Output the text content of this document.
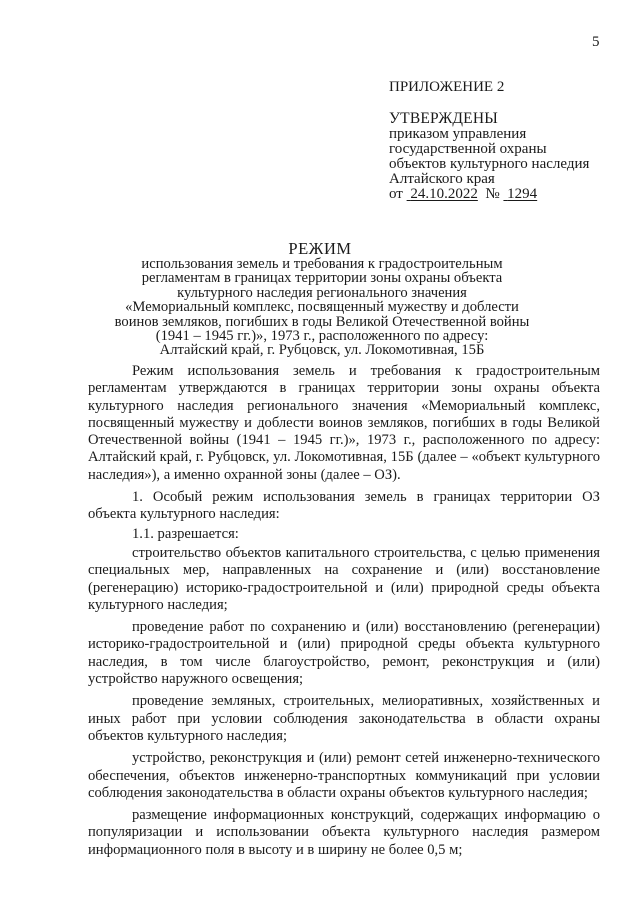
5
ПРИЛОЖЕНИЕ 2
УТВЕРЖДЕНЫ
приказом управления
государственной охраны
объектов культурного наследия
Алтайского края
от 24.10.2022 № 1294
РЕЖИМ
использования земель и требования к градостроительным
регламентам в границах территории зоны охраны объекта
культурного наследия регионального значения
«Мемориальный комплекс, посвященный мужеству и доблести
воинов земляков, погибших в годы Великой Отечественной войны
(1941 – 1945 гг.)», 1973 г., расположенного по адресу:
Алтайский край, г. Рубцовск, ул. Локомотивная, 15Б

Режим использования земель и требования к градостроительным регламентам утверждаются в границах территории зоны охраны объекта культурного наследия регионального значения «Мемориальный комплекс, посвященный мужеству и доблести воинов земляков, погибших в годы Великой Отечественной войны (1941 – 1945 гг.)», 1973 г., расположенного по адресу: Алтайский край, г. Рубцовск, ул. Локомотивная, 15Б (далее – «объект культурного наследия»), а именно охранной зоны (далее – ОЗ).

1. Особый режим использования земель в границах территории ОЗ объекта культурного наследия:

1.1. разрешается:

строительство объектов капитального строительства, с целью применения специальных мер, направленных на сохранение и (или) восстановление (регенерацию) историко-градостроительной и (или) природной среды объекта культурного наследия;

проведение работ по сохранению и (или) восстановлению (регенерации) историко-градостроительной и (или) природной среды объекта культурного наследия, в том числе благоустройство, ремонт, реконструкция и (или) устройство наружного освещения;

проведение земляных, строительных, мелиоративных, хозяйственных и иных работ при условии соблюдения законодательства в области охраны объектов культурного наследия;

устройство, реконструкция и (или) ремонт сетей инженерно-технического обеспечения, объектов инженерно-транспортных коммуникаций при условии соблюдения законодательства в области охраны объектов культурного наследия;

размещение информационных конструкций, содержащих информацию о популяризации и использовании объекта культурного наследия размером информационного поля в высоту и в ширину не более 0,5 м;
